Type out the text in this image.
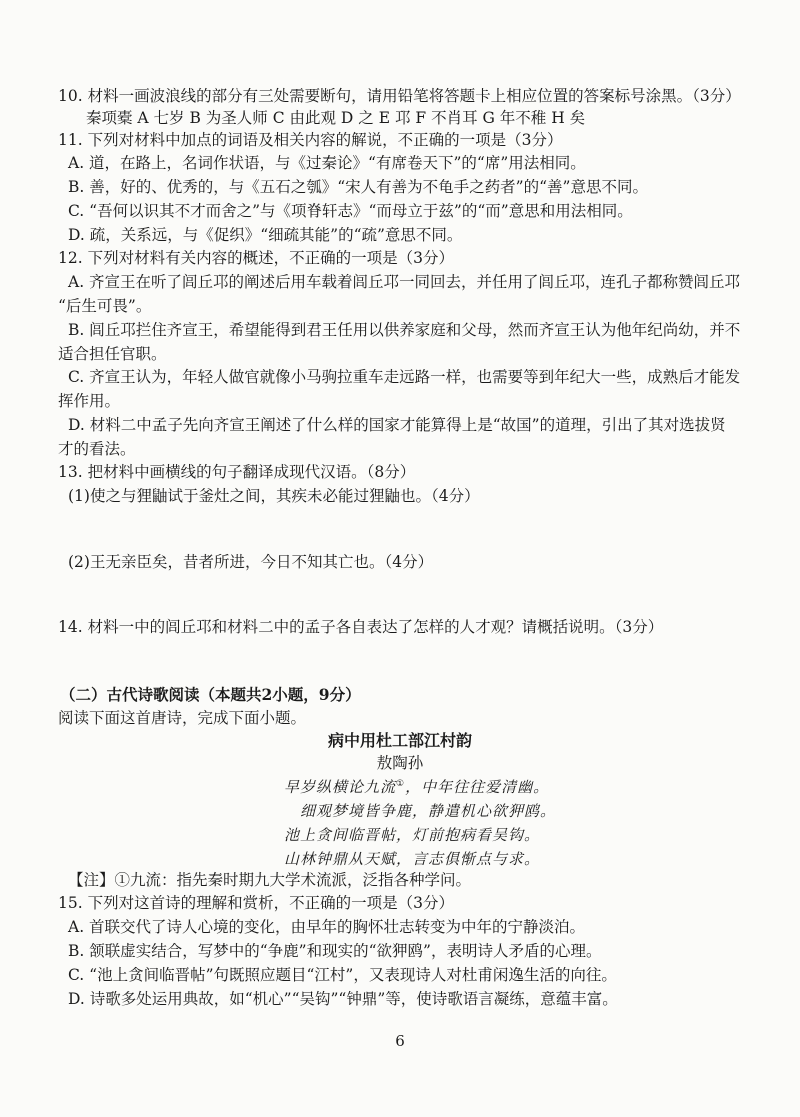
10. 材料一画波浪线的部分有三处需要断句，请用铅笔将答题卡上相应位置的答案标号涂黑。（3分）
秦项橐 A 七岁 B 为圣人师 C 由此观 D 之 E 邛 F 不肖耳 G 年不稚 H 矣
11. 下列对材料中加点的词语及相关内容的解说，不正确的一项是（3分）
A. 道，在路上，名词作状语，与《过秦论》“有席卷天下”的“席”用法相同。
B. 善，好的、优秀的，与《五石之瓠》“宋人有善为不龟手之药者”的“善”意思不同。
C. “吾何以识其不才而舍之”与《项脊轩志》“而母立于兹”的“而”意思和用法相同。
D. 疏，关系远，与《促织》“细疏其能”的“疏”意思不同。
12. 下列对材料有关内容的概述，不正确的一项是（3分）
A. 齐宣王在听了闾丘邛的阐述后用车载着闾丘邛一同回去，并任用了闾丘邛，连孔子都称赞闾丘邛
“后生可畏”。
B. 闾丘邛拦住齐宣王，希望能得到君王任用以供养家庭和父母，然而齐宣王认为他年纪尚幼，并不
适合担任官职。
C. 齐宣王认为，年轻人做官就像小马驹拉重车走远路一样，也需要等到年纪大一些，成熟后才能发
挥作用。
D. 材料二中孟子先向齐宣王阐述了什么样的国家才能算得上是“故国”的道理，引出了其对选拔贤
才的看法。
13. 把材料中画横线的句子翻译成现代汉语。（8分）
(1)使之与狸鼬试于釜灶之间，其疾未必能过狸鼬也。（4分）
(2)王无亲臣矣，昔者所进，今日不知其亡也。（4分）
14. 材料一中的闾丘邛和材料二中的孟子各自表达了怎样的人才观？请概括说明。（3分）
（二）古代诗歌阅读（本题共2小题，9分）
阅读下面这首唐诗，完成下面小题。
病中用杜工部江村韵
敖陶孙
早岁纵横论九流①，中年往往爱清幽。
细观梦境皆争鹿，静遣机心欲狎鸥。
池上贪间临晋帖，灯前抱病看吴钩。
山林钟鼎从天赋，言志俱惭点与求。
【注】①九流：指先秦时期九大学术流派，泛指各种学问。
15. 下列对这首诗的理解和赏析，不正确的一项是（3分）
A. 首联交代了诗人心境的变化，由早年的胸怀壮志转变为中年的宁静淡泊。
B. 颔联虚实结合，写梦中的“争鹿”和现实的“欲狎鸥”，表明诗人矛盾的心理。
C. “池上贪间临晋帖”句既照应题目“江村”，又表现诗人对杜甫闲逸生活的向往。
D. 诗歌多处运用典故，如“机心”“吴钩”“钟鼎”等，使诗歌语言凝练，意蕴丰富。
6
